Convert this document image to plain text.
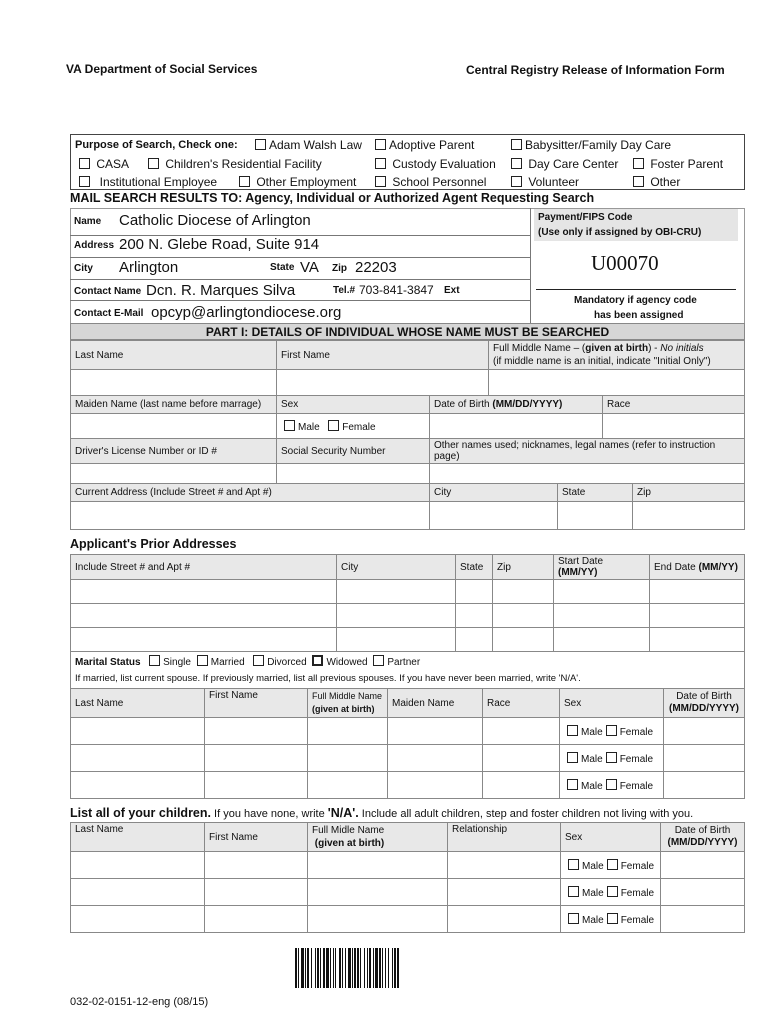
VA Department of Social Services	Central Registry Release of Information Form
Purpose of Search, Check one:	Adam Walsh Law	Adoptive Parent	Babysitter/Family Day Care
CASA	Children's Residential Facility	Custody Evaluation	Day Care Center	Foster Parent
Institutional Employee	Other Employment	School Personnel	Volunteer	Other
MAIL SEARCH RESULTS TO: Agency, Individual or Authorized Agent Requesting Search
Name Catholic Diocese of Arlington
Address 200 N. Glebe Road, Suite 914
City Arlington	State VA Zip 22203
Contact Name Dcn. R. Marques Silva	Tel.# 703-841-3847 Ext
Contact E-Mail opcyp@arlingtondiocese.org
Payment/FIPS Code
(Use only if assigned by OBI-CRU)
U00070
Mandatory if agency code
has been assigned
PART I: DETAILS OF INDIVIDUAL WHOSE NAME MUST BE SEARCHED
Last Name	First Name	Full Middle Name – (given at birth) - No initials
(if middle name is an initial, indicate "Initial Only")

Maiden Name (last name before marrage)	Sex	Date of Birth (MM/DD/YYYY)	Race
	Male Female		
Driver's License Number or ID #	Social Security Number	Other names used; nicknames, legal names (refer to instruction page)	

Current Address (Include Street # and Apt #)	City	State	Zip

Applicant's Prior Addresses
Include Street # and Apt #	City	State	Zip	Start Date (MM/YY)	End Date (MM/YY)

Marital Status Single Married Divorced Widowed Partner
If married, list current spouse. If previously married, list all previous spouses. If you have never been married, write 'N/A'.
Last Name	First Name	Full Middle Name
(given at birth)	Maiden Name	Race	Sex	Date of Birth
(MM/DD/YYYY)
					Male Female	
					Male Female	
					Male Female	
List all of your children. If you have none, write 'N/A'. Include all adult children, step and foster children not living with you.
Last Name	First Name	Full Midle Name
(given at birth)	Relationship	Sex	Date of Birth
(MM/DD/YYYY)
				Male Female	
				Male Female	
				Male Female	
032-02-0151-12-eng (08/15)
